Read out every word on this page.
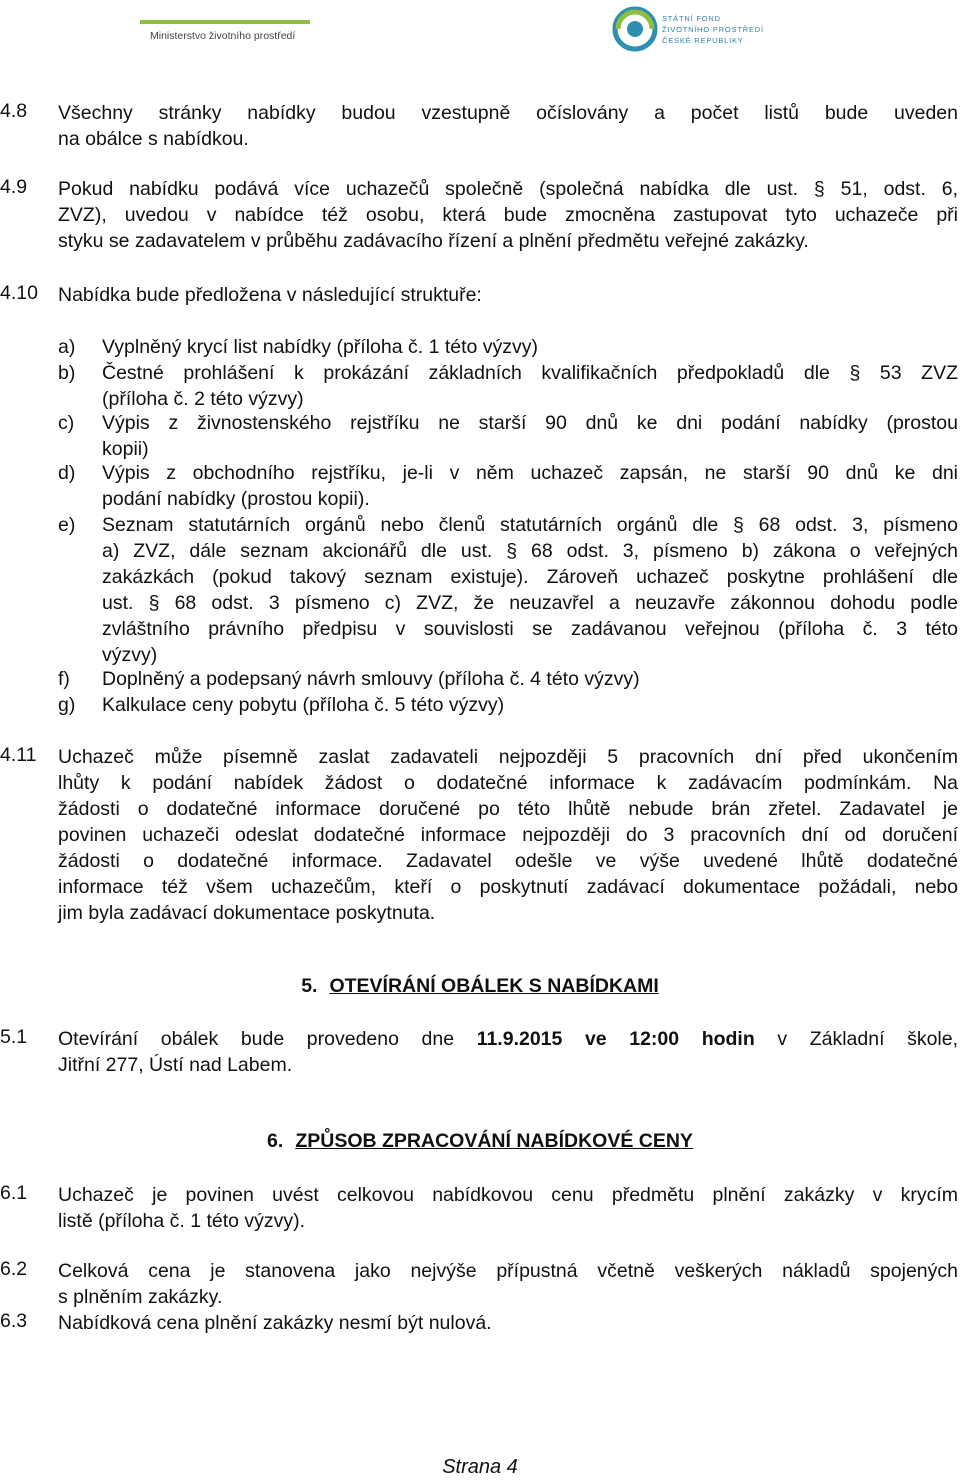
Ministerstvo životního prostředí
STÁTNÍ FOND
ŽIVOTNÍHO PROSTŘEDÍ
ČESKÉ REPUBLIKY
4.8 Všechny stránky nabídky budou vzestupně očíslovány a počet listů bude uveden
na obálce s nabídkou.

4.9 Pokud nabídku podává více uchazečů společně (společná nabídka dle ust. § 51, odst. 6,
ZVZ), uvedou v nabídce též osobu, která bude zmocněna zastupovat tyto uchazeče při
styku se zadavatelem v průběhu zadávacího řízení a plnění předmětu veřejné zakázky.

4.10 Nabídka bude předložena v následující struktuře:
a) Vyplněný krycí list nabídky (příloha č. 1 této výzvy)
b) Čestné prohlášení k prokázání základních kvalifikačních předpokladů dle § 53 ZVZ
(příloha č. 2 této výzvy)
c) Výpis z živnostenského rejstříku ne starší 90 dnů ke dni podání nabídky (prostou
kopii)
d) Výpis z obchodního rejstříku, je-li v něm uchazeč zapsán, ne starší 90 dnů ke dni
podání nabídky (prostou kopii).
e) Seznam statutárních orgánů nebo členů statutárních orgánů dle § 68 odst. 3, písmeno
a) ZVZ, dále seznam akcionářů dle ust. § 68 odst. 3, písmeno b) zákona o veřejných
zakázkách (pokud takový seznam existuje). Zároveň uchazeč poskytne prohlášení dle
ust. § 68 odst. 3 písmeno c) ZVZ, že neuzavřel a neuzavře zákonnou dohodu podle
zvláštního právního předpisu v souvislosti se zadávanou veřejnou (příloha č. 3 této
výzvy)
f) Doplněný a podepsaný návrh smlouvy (příloha č. 4 této výzvy)
g) Kalkulace ceny pobytu (příloha č. 5 této výzvy)
4.11 Uchazeč může písemně zaslat zadavateli nejpozději 5 pracovních dní před ukončením
lhůty k podání nabídek žádost o dodatečné informace k zadávacím podmínkám. Na
žádosti o dodatečné informace doručené po této lhůtě nebude brán zřetel. Zadavatel je
povinen uchazeči odeslat dodatečné informace nejpozději do 3 pracovních dní od doručení
žádosti o dodatečné informace. Zadavatel odešle ve výše uvedené lhůtě dodatečné
informace též všem uchazečům, kteří o poskytnutí zadávací dokumentace požádali, nebo
jim byla zadávací dokumentace poskytnuta.

5. OTEVÍRÁNÍ OBÁLEK S NABÍDKAMI
5.1 Otevírání obálek bude provedeno dne 11.9.2015 ve 12:00 hodin v Základní škole,
Jitřní 277, Ústí nad Labem.

6. ZPŮSOB ZPRACOVÁNÍ NABÍDKOVÉ CENY
6.1 Uchazeč je povinen uvést celkovou nabídkovou cenu předmětu plnění zakázky v krycím
listě (příloha č. 1 této výzvy).

6.2 Celková cena je stanovena jako nejvýše přípustná včetně veškerých nákladů spojených
s plněním zakázky.

6.3 Nabídková cena plnění zakázky nesmí být nulová.
Strana 4
